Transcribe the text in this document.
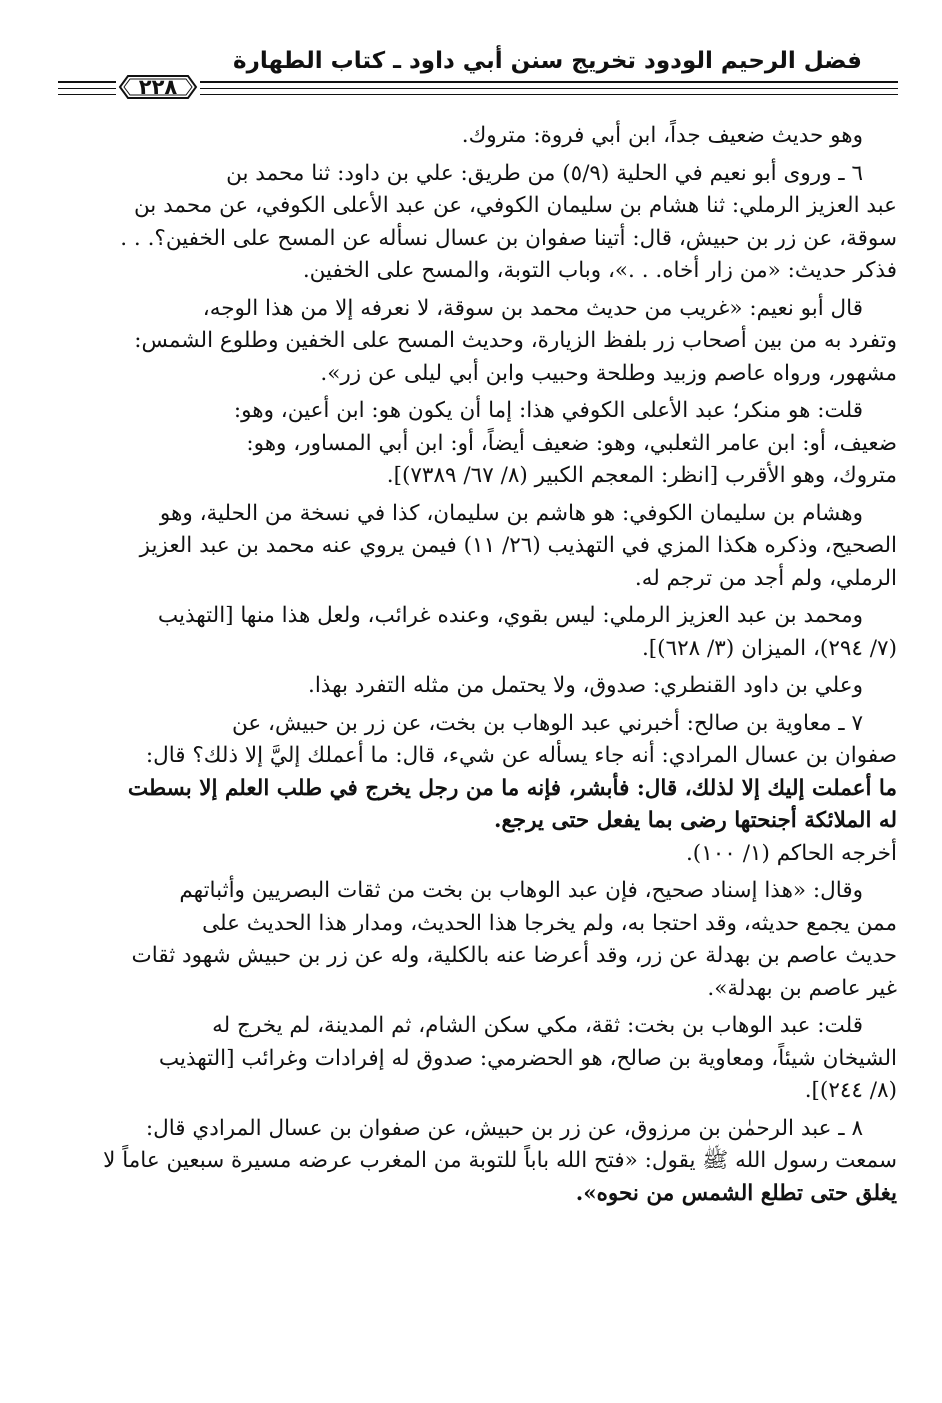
فضل الرحيم الودود تخريج سنن أبي داود ـ كتاب الطهارة
٢٢٨

وهو حديث ضعيف جداً، ابن أبي فروة: متروك.

٦ ـ وروى أبو نعيم في الحلية (٥/٩) من طريق: علي بن داود: ثنا محمد بن
عبد العزيز الرملي: ثنا هشام بن سليمان الكوفي، عن عبد الأعلى الكوفي، عن محمد بن
سوقة، عن زر بن حبيش، قال: أتينا صفوان بن عسال نسأله عن المسح على الخفين؟. . .
فذكر حديث: «من زار أخاه. . .»، وباب التوبة، والمسح على الخفين.

قال أبو نعيم: «غريب من حديث محمد بن سوقة، لا نعرفه إلا من هذا الوجه،
وتفرد به من بين أصحاب زر بلفظ الزيارة، وحديث المسح على الخفين وطلوع الشمس:
مشهور، ورواه عاصم وزبيد وطلحة وحبيب وابن أبي ليلى عن زر».

قلت: هو منكر؛ عبد الأعلى الكوفي هذا: إما أن يكون هو: ابن أعين، وهو:
ضعيف، أو: ابن عامر الثعلبي، وهو: ضعيف أيضاً، أو: ابن أبي المساور، وهو:
متروك، وهو الأقرب [انظر: المعجم الكبير (٨/ ٦٧/ ٧٣٨٩)].

وهشام بن سليمان الكوفي: هو هاشم بن سليمان، كذا في نسخة من الحلية، وهو
الصحيح، وذكره هكذا المزي في التهذيب (٢٦/ ١١) فيمن يروي عنه محمد بن عبد العزيز
الرملي، ولم أجد من ترجم له.

ومحمد بن عبد العزيز الرملي: ليس بقوي، وعنده غرائب، ولعل هذا منها [التهذيب
(٧/ ٢٩٤)، الميزان (٣/ ٦٢٨)].

وعلي بن داود القنطري: صدوق، ولا يحتمل من مثله التفرد بهذا.

٧ ـ معاوية بن صالح: أخبرني عبد الوهاب بن بخت، عن زر بن حبيش، عن
صفوان بن عسال المرادي: أنه جاء يسأله عن شيء، قال: ما أعملك إليَّ إلا ذلك؟ قال:
ما أعملت إليك إلا لذلك، قال: فأبشر، فإنه ما من رجل يخرج في طلب العلم إلا بسطت
له الملائكة أجنحتها رضى بما يفعل حتى يرجع.
أخرجه الحاكم (١/ ١٠٠).

وقال: «هذا إسناد صحيح، فإن عبد الوهاب بن بخت من ثقات البصريين وأثباتهم
ممن يجمع حديثه، وقد احتجا به، ولم يخرجا هذا الحديث، ومدار هذا الحديث على
حديث عاصم بن بهدلة عن زر، وقد أعرضا عنه بالكلية، وله عن زر بن حبيش شهود ثقات
غير عاصم بن بهدلة».

قلت: عبد الوهاب بن بخت: ثقة، مكي سكن الشام، ثم المدينة، لم يخرج له
الشيخان شيئاً، ومعاوية بن صالح، هو الحضرمي: صدوق له إفرادات وغرائب [التهذيب
(٨/ ٢٤٤)].

٨ ـ عبد الرحمٰن بن مرزوق، عن زر بن حبيش، عن صفوان بن عسال المرادي قال:
سمعت رسول الله ﷺ يقول: «فتح الله باباً للتوبة من المغرب عرضه مسيرة سبعين عاماً لا
يغلق حتى تطلع الشمس من نحوه».
